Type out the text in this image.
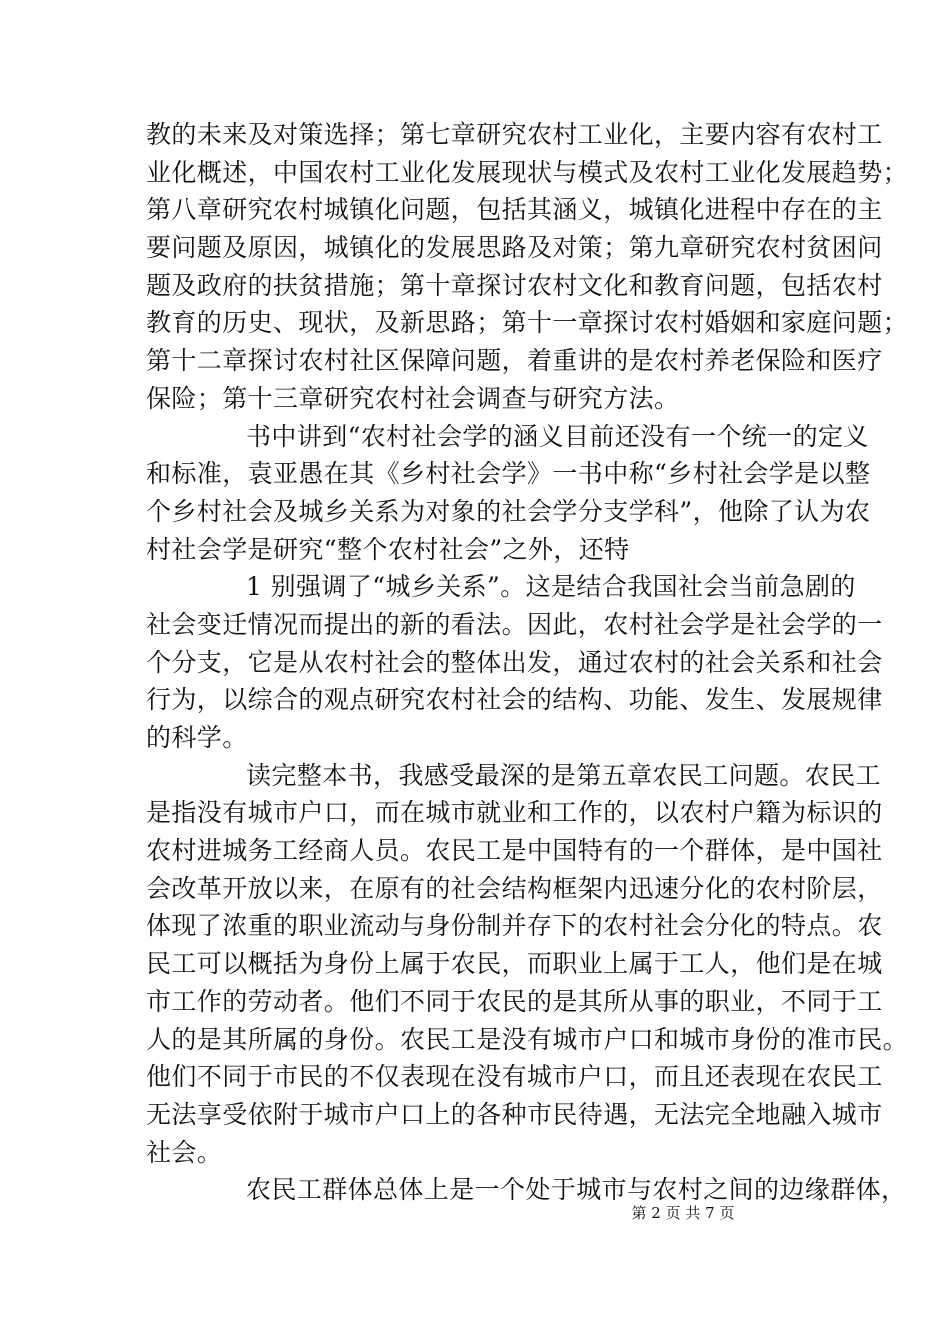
教的未来及对策选择；第七章研究农村工业化，主要内容有农村工
业化概述，中国农村工业化发展现状与模式及农村工业化发展趋势；
第八章研究农村城镇化问题，包括其涵义，城镇化进程中存在的主
要问题及原因，城镇化的发展思路及对策；第九章研究农村贫困问
题及政府的扶贫措施；第十章探讨农村文化和教育问题，包括农村
教育的历史、现状，及新思路；第十一章探讨农村婚姻和家庭问题；
第十二章探讨农村社区保障问题，着重讲的是农村养老保险和医疗
保险；第十三章研究农村社会调查与研究方法。
书中讲到“农村社会学的涵义目前还没有一个统一的定义
和标准，袁亚愚在其《乡村社会学》一书中称“乡村社会学是以整
个乡村社会及城乡关系为对象的社会学分支学科”，他除了认为农
村社会学是研究“整个农村社会”之外，还特
1 别强调了“城乡关系”。这是结合我国社会当前急剧的
社会变迁情况而提出的新的看法。因此，农村社会学是社会学的一
个分支，它是从农村社会的整体出发，通过农村的社会关系和社会
行为，以综合的观点研究农村社会的结构、功能、发生、发展规律
的科学。
读完整本书，我感受最深的是第五章农民工问题。农民工
是指没有城市户口，而在城市就业和工作的，以农村户籍为标识的
农村进城务工经商人员。农民工是中国特有的一个群体，是中国社
会改革开放以来，在原有的社会结构框架内迅速分化的农村阶层，
体现了浓重的职业流动与身份制并存下的农村社会分化的特点。农
民工可以概括为身份上属于农民，而职业上属于工人，他们是在城
市工作的劳动者。他们不同于农民的是其所从事的职业，不同于工
人的是其所属的身份。农民工是没有城市户口和城市身份的准市民。
他们不同于市民的不仅表现在没有城市户口，而且还表现在农民工
无法享受依附于城市户口上的各种市民待遇，无法完全地融入城市
社会。
农民工群体总体上是一个处于城市与农村之间的边缘群体，
第 2 页 共 7 页
